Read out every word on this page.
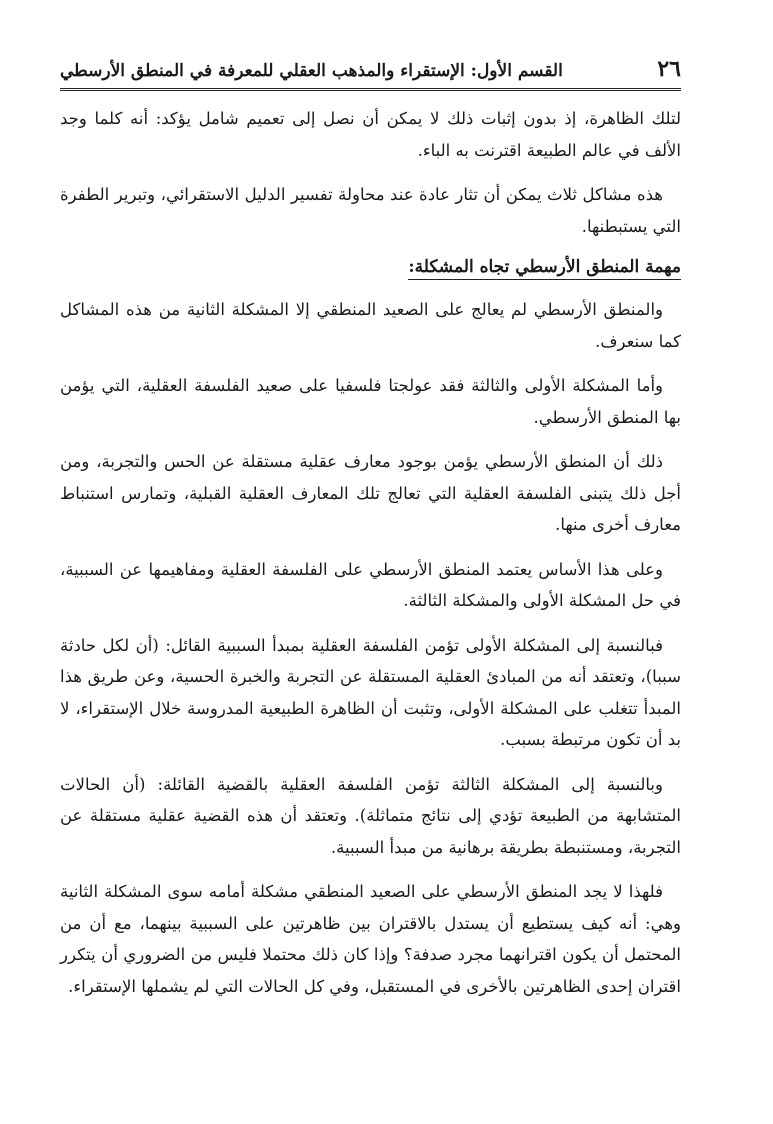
٢٦
القسم الأول: الإستقراء والمذهب العقلي للمعرفة في المنطق الأرسطي

لتلك الظاهرة، إذ بدون إثبات ذلك لا يمكن أن نصل إلى تعميم شامل يؤكد: أنه كلما وجد الألف في عالم الطبيعة اقترنت به الباء.

هذه مشاكل ثلاث يمكن أن تثار عادة عند محاولة تفسير الدليل الاستقرائي، وتبرير الطفرة التي يستبطنها.

مهمة المنطق الأرسطي تجاه المشكلة:

والمنطق الأرسطي لم يعالج على الصعيد المنطقي إلا المشكلة الثانية من هذه المشاكل كما سنعرف.

وأما المشكلة الأولى والثالثة فقد عولجتا فلسفيا على صعيد الفلسفة العقلية، التي يؤمن بها المنطق الأرسطي.

ذلك أن المنطق الأرسطي يؤمن بوجود معارف عقلية مستقلة عن الحس والتجربة، ومن أجل ذلك يتبنى الفلسفة العقلية التي تعالج تلك المعارف العقلية القبلية، وتمارس استنباط معارف أخرى منها.

وعلى هذا الأساس يعتمد المنطق الأرسطي على الفلسفة العقلية ومفاهيمها عن السببية، في حل المشكلة الأولى والمشكلة الثالثة.

فبالنسبة إلى المشكلة الأولى تؤمن الفلسفة العقلية بمبدأ السببية القائل: (أن لكل حادثة سببا)، وتعتقد أنه من المبادئ العقلية المستقلة عن التجربة والخبرة الحسية، وعن طريق هذا المبدأ تتغلب على المشكلة الأولى، وتثبت أن الظاهرة الطبيعية المدروسة خلال الإستقراء، لا بد أن تكون مرتبطة بسبب.

وبالنسبة إلى المشكلة الثالثة تؤمن الفلسفة العقلية بالقضية القائلة: (أن الحالات المتشابهة من الطبيعة تؤدي إلى نتائج متماثلة). وتعتقد أن هذه القضية عقلية مستقلة عن التجربة، ومستنبطة بطريقة برهانية من مبدأ السببية.

فلهذا لا يجد المنطق الأرسطي على الصعيد المنطقي مشكلة أمامه سوى المشكلة الثانية وهي: أنه كيف يستطيع أن يستدل بالاقتران بين ظاهرتين على السببية بينهما، مع أن من المحتمل أن يكون اقترانهما مجرد صدفة؟ وإذا كان ذلك محتملا فليس من الضروري أن يتكرر اقتران إحدى الظاهرتين بالأخرى في المستقبل، وفي كل الحالات التي لم يشملها الإستقراء.
